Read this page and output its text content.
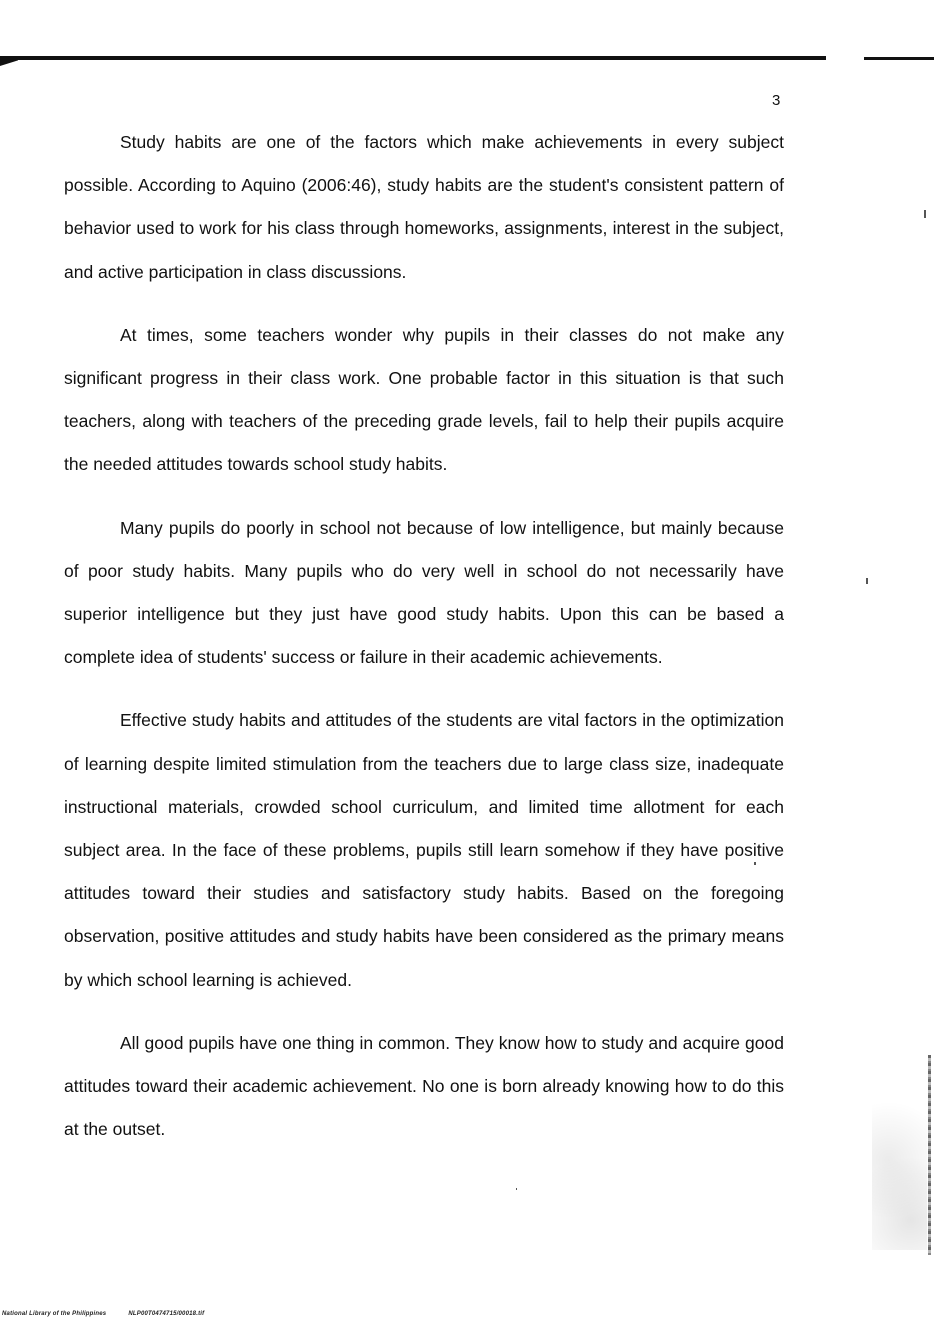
3

Study habits are one of the factors which make achievements in every subject possible. According to Aquino (2006:46), study habits are the student's consistent pattern of behavior used to work for his class through homeworks, assignments, interest in the subject, and active participation in class discussions.

At times, some teachers wonder why pupils in their classes do not make any significant progress in their class work. One probable factor in this situation is that such teachers, along with teachers of the preceding grade levels, fail to help their pupils acquire the needed attitudes towards school study habits.

Many pupils do poorly in school not because of low intelligence, but mainly because of poor study habits. Many pupils who do very well in school do not necessarily have superior intelligence but they just have good study habits. Upon this can be based a complete idea of students' success or failure in their academic achievements.

Effective study habits and attitudes of the students are vital factors in the optimization of learning despite limited stimulation from the teachers due to large class size, inadequate instructional materials, crowded school curriculum, and limited time allotment for each subject area. In the face of these problems, pupils still learn somehow if they have positive attitudes toward their studies and satisfactory study habits. Based on the foregoing observation, positive attitudes and study habits have been considered as the primary means by which school learning is achieved.

All good pupils have one thing in common. They know how to study and acquire good attitudes toward their academic achievement. No one is born already knowing how to do this at the outset.

National Library of the Philippines	NLP00T0474715/00018.tif
